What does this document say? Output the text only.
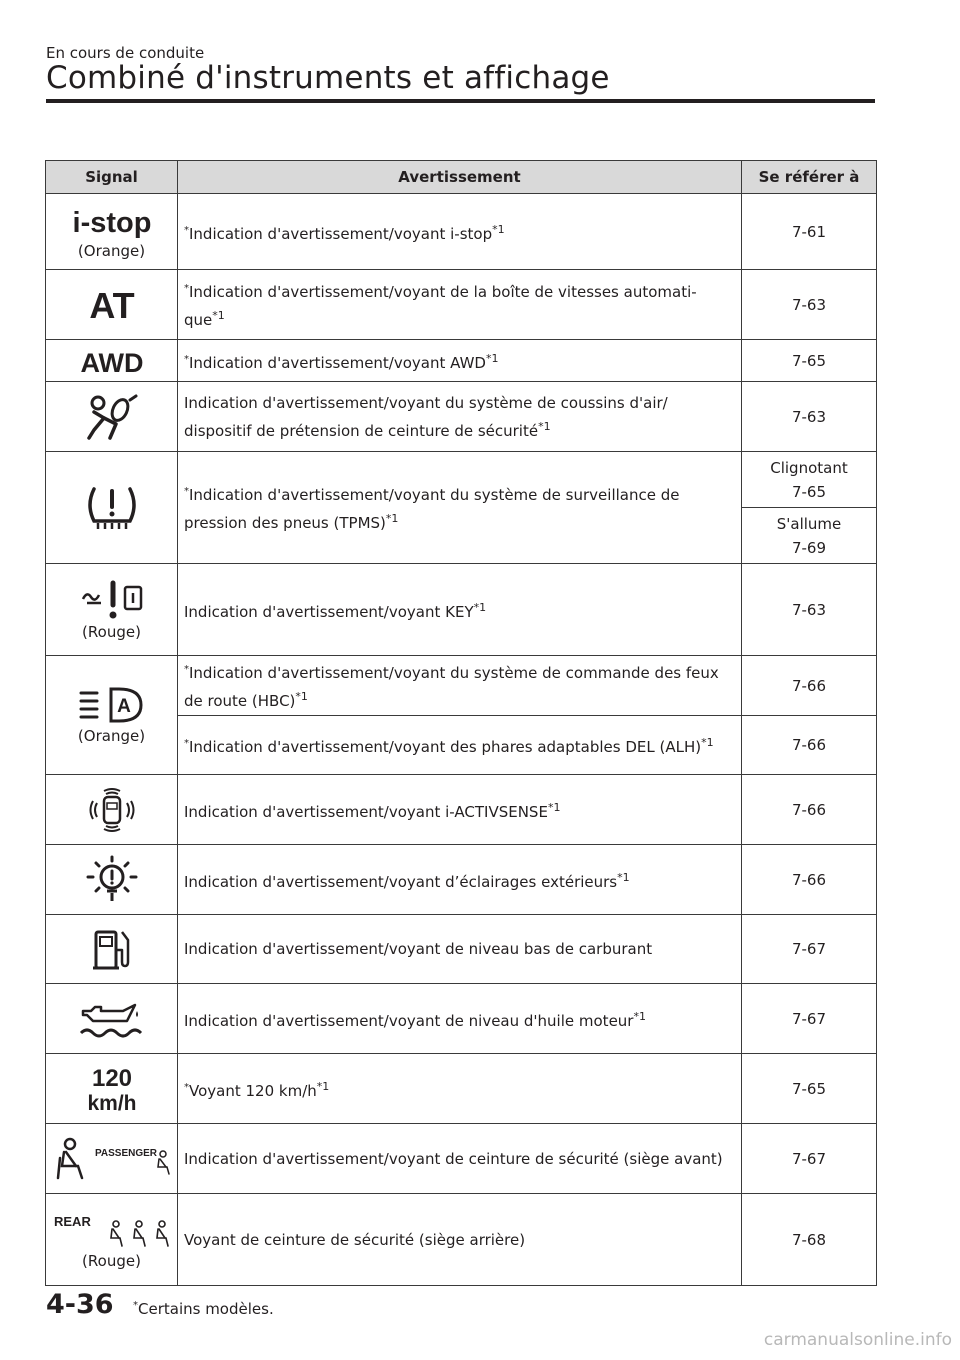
En cours de conduite
Combiné d'instruments et affichage
Signal	Avertissement	Se référer à

i-stop
(Orange)	*Indication d'avertissement/voyant i-stop$^{*1}$	7-61

AT	*Indication d'avertissement/voyant de la boîte de vitesses automati-que$^{*1}$	7-63

AWD	*Indication d'avertissement/voyant AWD$^{*1}$	7-65

	Indication d'avertissement/voyant du système de coussins d'air/ dispositif de prétension de ceinture de sécurité$^{*1}$	7-63

	*Indication d'avertissement/voyant du système de surveillance de pression des pneus (TPMS)$^{*1}$	Clignotant
7-65
		S'allume
7-69

(Rouge)	Indication d'avertissement/voyant KEY$^{*1}$	7-63

A
(Orange)	*Indication d'avertissement/voyant du système de commande des feux de route (HBC)$^{*1}$	7-66
	*Indication d'avertissement/voyant des phares adaptables DEL (ALH)$^{*1}$	7-66

	Indication d'avertissement/voyant i-ACTIVSENSE$^{*1}$	7-66

	Indication d'avertissement/voyant d’éclairages extérieurs$^{*1}$	7-66

	Indication d'avertissement/voyant de niveau bas de carburant	7-67

	Indication d'avertissement/voyant de niveau d'huile moteur$^{*1}$	7-67

120
km/h	*Voyant 120 $km/h^{*1}$	7-65

PASSENGER	Indication d'avertissement/voyant de ceinture de sécurité (siège avant)	7-67

REAR
(Rouge)	Voyant de ceinture de sécurité (siège arrière)	7-68
4-36 *Certains modèles.
carmanualsonline.info
